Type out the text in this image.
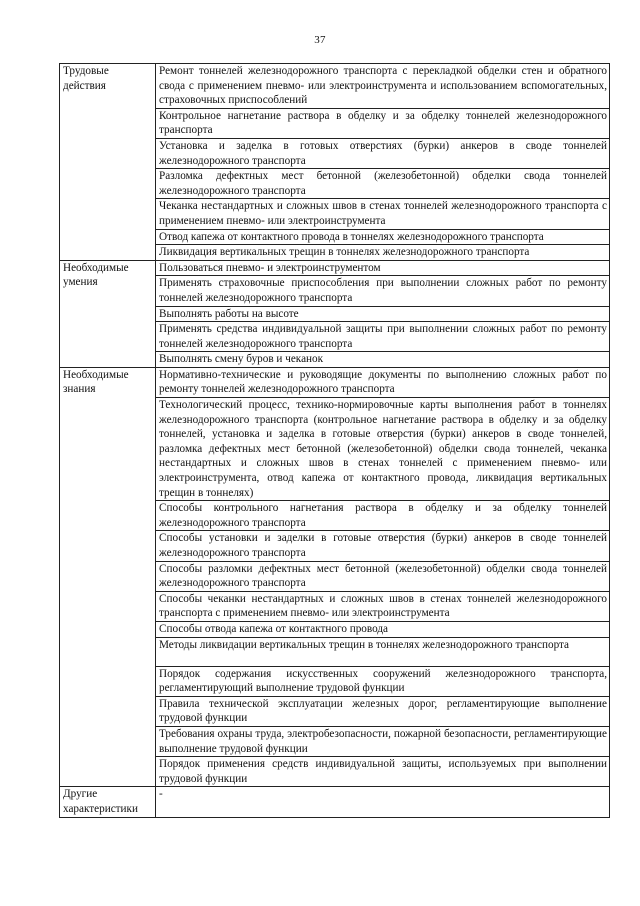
37
Трудовые действия	Ремонт тоннелей железнодорожного транспорта с перекладкой обделки стен и обратного свода с применением пневмо- или электроинструмента и использованием вспомогательных, страховочных приспособлений
	Контрольное нагнетание раствора в обделку и за обделку тоннелей железнодорожного транспорта
	Установка и заделка в готовых отверстиях (бурки) анкеров в своде тоннелей железнодорожного транспорта
	Разломка дефектных мест бетонной (железобетонной) обделки свода тоннелей железнодорожного транспорта
	Чеканка нестандартных и сложных швов в стенах тоннелей железнодорожного транспорта с применением пневмо- или электроинструмента
	Отвод капежа от контактного провода в тоннелях железнодорожного транспорта
	Ликвидация вертикальных трещин в тоннелях железнодорожного транспорта
Необходимые умения	Пользоваться пневмо- и электроинструментом
	Применять страховочные приспособления при выполнении сложных работ по ремонту тоннелей железнодорожного транспорта
	Выполнять работы на высоте
	Применять средства индивидуальной защиты при выполнении сложных работ по ремонту тоннелей железнодорожного транспорта
	Выполнять смену буров и чеканок
Необходимые знания	Нормативно-технические и руководящие документы по выполнению сложных работ по ремонту тоннелей железнодорожного транспорта
	Технологический процесс, технико-нормировочные карты выполнения работ в тоннелях железнодорожного транспорта (контрольное нагнетание раствора в обделку и за обделку тоннелей, установка и заделка в готовые отверстия (бурки) анкеров в своде тоннелей, разломка дефектных мест бетонной (железобетонной) обделки свода тоннелей, чеканка нестандартных и сложных швов в стенах тоннелей с применением пневмо- или электроинструмента, отвод капежа от контактного провода, ликвидация вертикальных трещин в тоннелях)
	Способы контрольного нагнетания раствора в обделку и за обделку тоннелей железнодорожного транспорта
	Способы установки и заделки в готовые отверстия (бурки) анкеров в своде тоннелей железнодорожного транспорта
	Способы разломки дефектных мест бетонной (железобетонной) обделки свода тоннелей железнодорожного транспорта
	Способы чеканки нестандартных и сложных швов в стенах тоннелей железнодорожного транспорта с применением пневмо- или электроинструмента
	Способы отвода капежа от контактного провода
	Методы ликвидации вертикальных трещин в тоннелях железнодорожного транспорта
	Порядок содержания искусственных сооружений железнодорожного транспорта, регламентирующий выполнение трудовой функции
	Правила технической эксплуатации железных дорог, регламентирующие выполнение трудовой функции
	Требования охраны труда, электробезопасности, пожарной безопасности, регламентирующие выполнение трудовой функции
	Порядок применения средств индивидуальной защиты, используемых при выполнении трудовой функции
Другие характеристики	-
